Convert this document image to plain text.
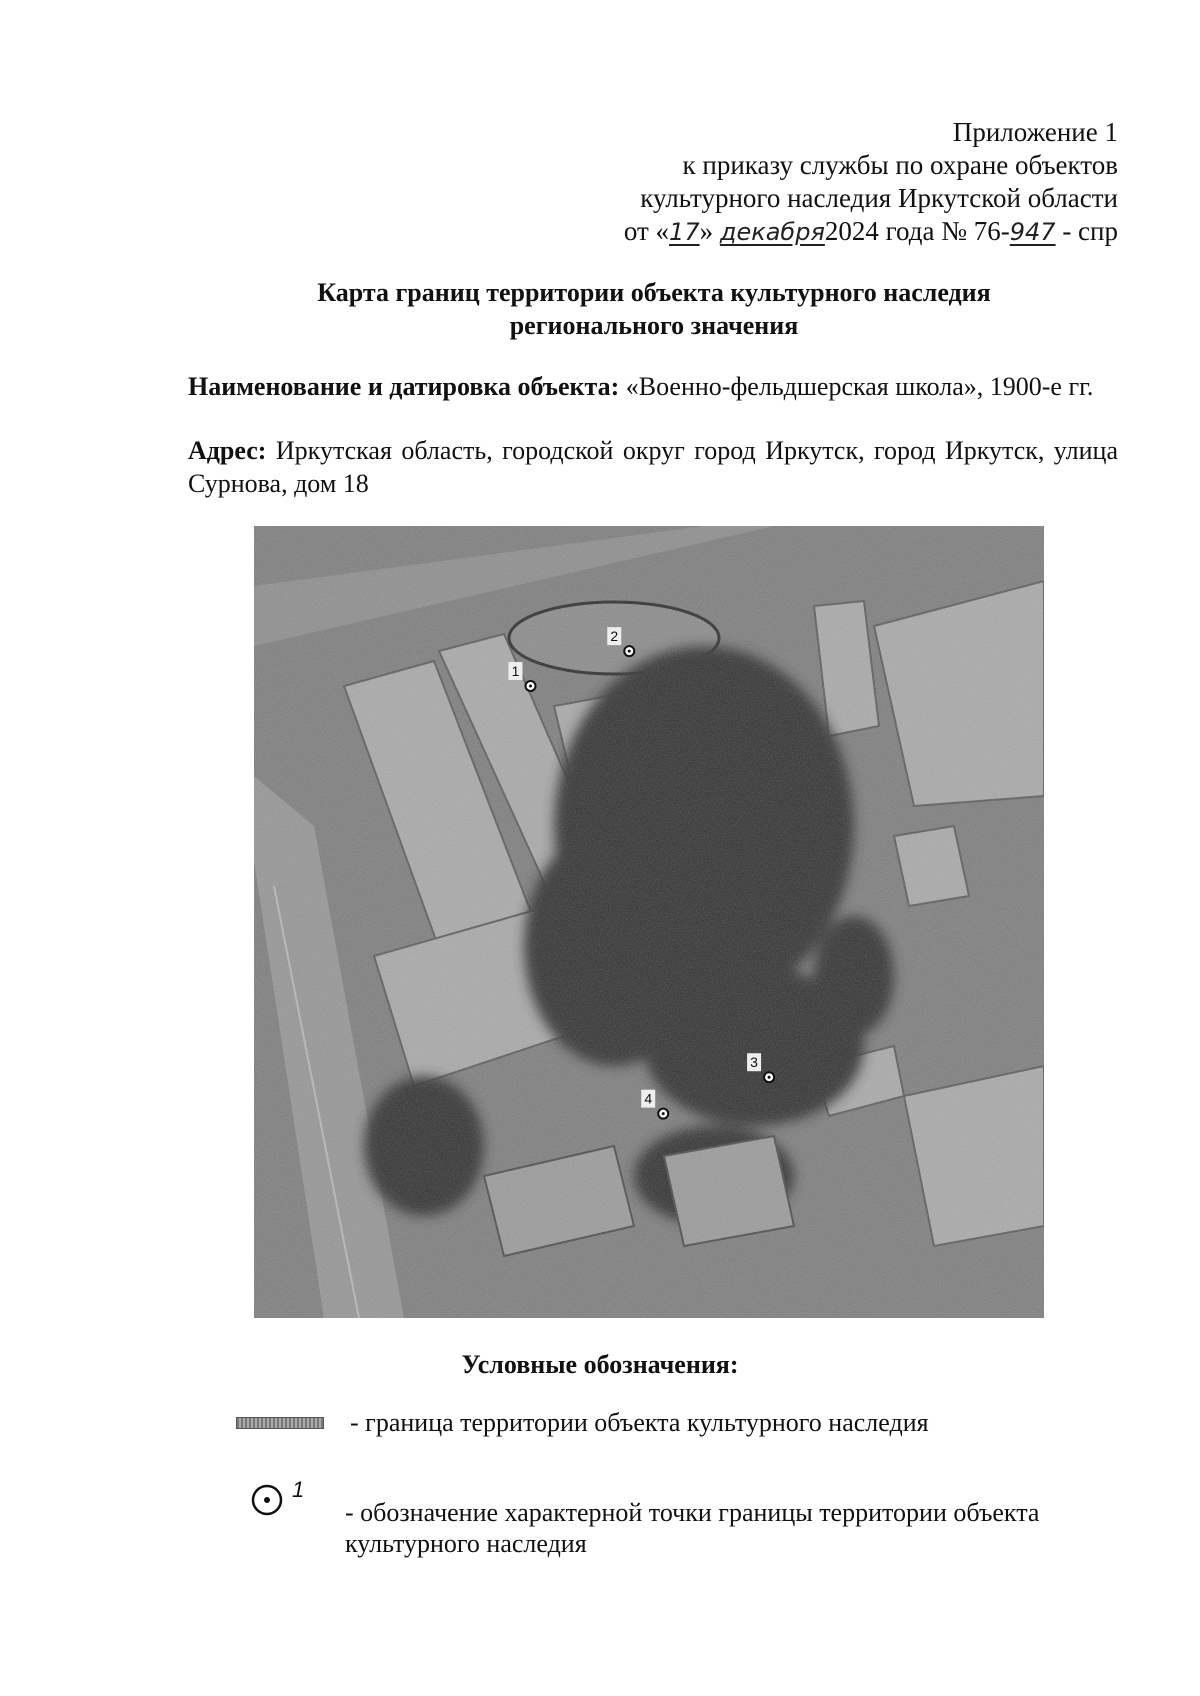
Приложение 1
к приказу службы по охране объектов
культурного наследия Иркутской области
от «17» декабря2024 года № 76-947 - спр
Карта границ территории объекта культурного наследия
регионального значения
Наименование и датировка объекта: «Военно-фельдшерская школа», 1900-е гг.
Адрес: Иркутская область, городской округ город Иркутск, город Иркутск, улица Сурнова, дом 18
1
2
3
4
Условные обозначения:
- граница территории объекта культурного наследия
1
- обозначение характерной точки границы территории объекта культурного наследия
